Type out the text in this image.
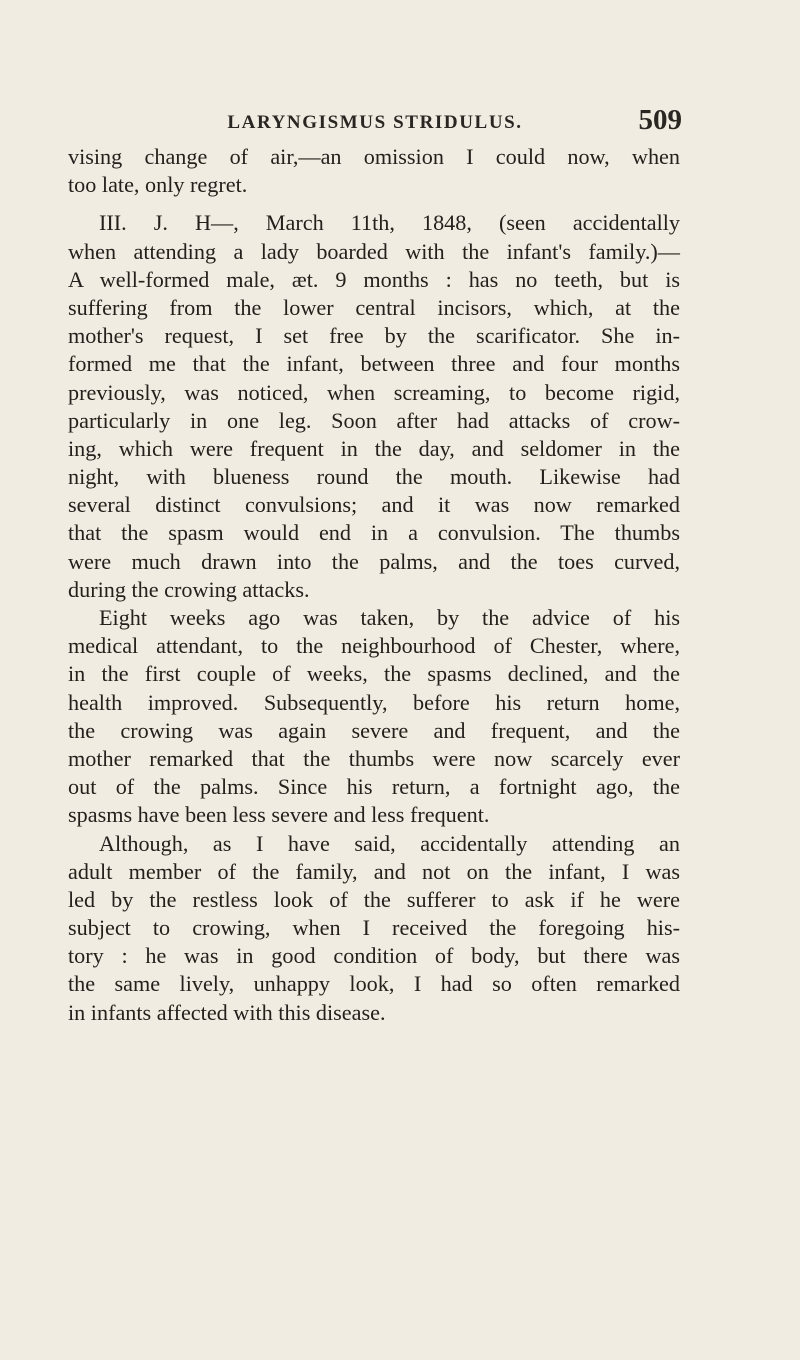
LARYNGISMUS STRIDULUS.	509
vising change of air,—an omission I could now, when
too late, only regret.
III. J. H—, March 11th, 1848, (seen accidentally
when attending a lady boarded with the infant's family.)—
A well-formed male, æt. 9 months : has no teeth, but is
suffering from the lower central incisors, which, at the
mother's request, I set free by the scarificator. She in-
formed me that the infant, between three and four months
previously, was noticed, when screaming, to become rigid,
particularly in one leg. Soon after had attacks of crow-
ing, which were frequent in the day, and seldomer in the
night, with blueness round the mouth. Likewise had
several distinct convulsions; and it was now remarked
that the spasm would end in a convulsion. The thumbs
were much drawn into the palms, and the toes curved,
during the crowing attacks.
Eight weeks ago was taken, by the advice of his
medical attendant, to the neighbourhood of Chester, where,
in the first couple of weeks, the spasms declined, and the
health improved. Subsequently, before his return home,
the crowing was again severe and frequent, and the
mother remarked that the thumbs were now scarcely ever
out of the palms. Since his return, a fortnight ago, the
spasms have been less severe and less frequent.
Although, as I have said, accidentally attending an
adult member of the family, and not on the infant, I was
led by the restless look of the sufferer to ask if he were
subject to crowing, when I received the foregoing his-
tory : he was in good condition of body, but there was
the same lively, unhappy look, I had so often remarked
in infants affected with this disease.
